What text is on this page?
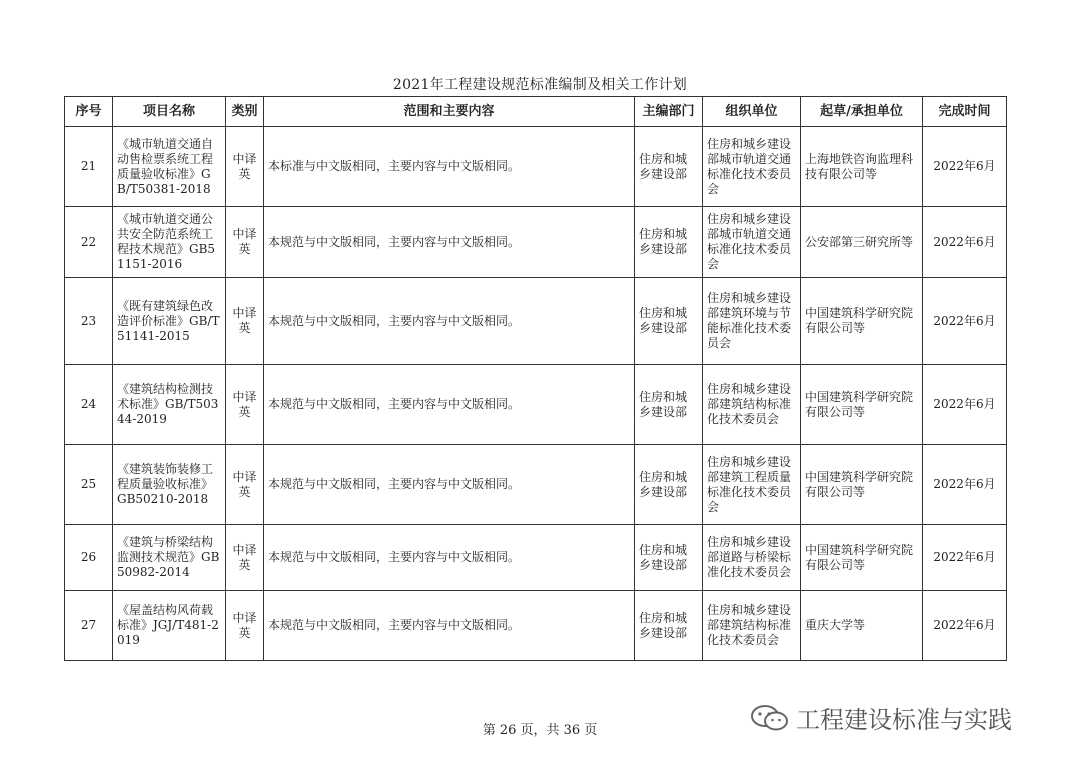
2021年工程建设规范标准编制及相关工作计划
序号	项目名称	类别	范围和主要内容	主编部门	组织单位	起草/承担单位	完成时间
21	《城市轨道交通自动售检票系统工程质量验收标准》GB/T50381-2018	中译英	本标准与中文版相同，主要内容与中文版相同。	住房和城乡建设部	住房和城乡建设部城市轨道交通标准化技术委员会	上海地铁咨询监理科技有限公司等	2022年6月
22	《城市轨道交通公共安全防范系统工程技术规范》GB51151-2016	中译英	本规范与中文版相同，主要内容与中文版相同。	住房和城乡建设部	住房和城乡建设部城市轨道交通标准化技术委员会	公安部第三研究所等	2022年6月
23	《既有建筑绿色改造评价标准》GB/T51141-2015	中译英	本规范与中文版相同，主要内容与中文版相同。	住房和城乡建设部	住房和城乡建设部建筑环境与节能标准化技术委员会	中国建筑科学研究院有限公司等	2022年6月
24	《建筑结构检测技术标准》GB/T50344-2019	中译英	本规范与中文版相同，主要内容与中文版相同。	住房和城乡建设部	住房和城乡建设部建筑结构标准化技术委员会	中国建筑科学研究院有限公司等	2022年6月
25	《建筑装饰装修工程质量验收标准》GB50210-2018	中译英	本规范与中文版相同，主要内容与中文版相同。	住房和城乡建设部	住房和城乡建设部建筑工程质量标准化技术委员会	中国建筑科学研究院有限公司等	2022年6月
26	《建筑与桥梁结构监测技术规范》GB50982-2014	中译英	本规范与中文版相同，主要内容与中文版相同。	住房和城乡建设部	住房和城乡建设部道路与桥梁标准化技术委员会	中国建筑科学研究院有限公司等	2022年6月
27	《屋盖结构风荷载标准》JGJ/T481-2019	中译英	本规范与中文版相同，主要内容与中文版相同。	住房和城乡建设部	住房和城乡建设部建筑结构标准化技术委员会	重庆大学等	2022年6月
第 26 页，共 36 页	工程建设标准与实践
